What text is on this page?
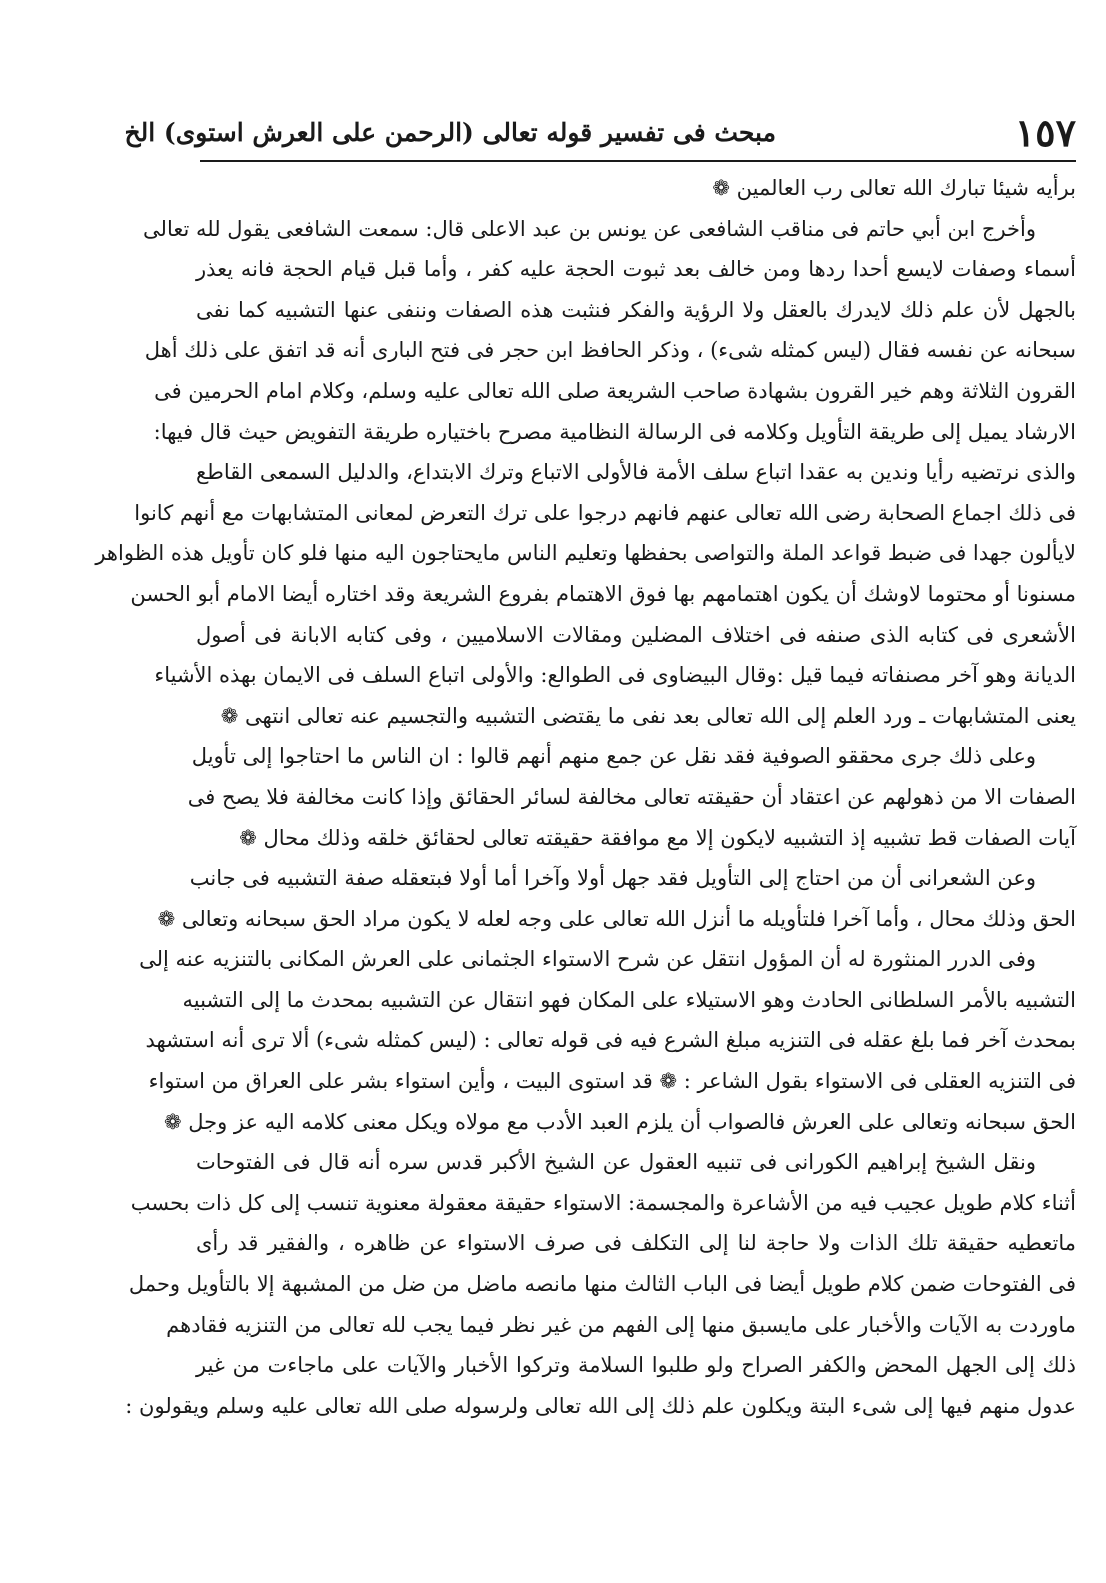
١٥٧
مبحث فى تفسير قوله تعالى (الرحمن على العرش استوى) الخ
برأيه شيئا تبارك الله تعالى رب العالمين ❁
وأخرج ابن أبي حاتم فى مناقب الشافعى عن يونس بن عبد الاعلى قال: سمعت الشافعى يقول لله تعالى
أسماء وصفات لايسع أحدا ردها ومن خالف بعد ثبوت الحجة عليه كفر ، وأما قبل قيام الحجة فانه يعذر
بالجهل لأن علم ذلك لايدرك بالعقل ولا الرؤية والفكر فنثبت هذه الصفات وننفى عنها التشبيه كما نفى
سبحانه عن نفسه فقال (ليس كمثله شىء) ، وذكر الحافظ ابن حجر فى فتح البارى أنه قد اتفق على ذلك أهل
القرون الثلاثة وهم خير القرون بشهادة صاحب الشريعة صلى الله تعالى عليه وسلم، وكلام امام الحرمين فى
الارشاد يميل إلى طريقة التأويل وكلامه فى الرسالة النظامية مصرح باختياره طريقة التفويض حيث قال فيها:
والذى نرتضيه رأيا وندين به عقدا اتباع سلف الأمة فالأولى الاتباع وترك الابتداع، والدليل السمعى القاطع
فى ذلك اجماع الصحابة رضى الله تعالى عنهم فانهم درجوا على ترك التعرض لمعانى المتشابهات مع أنهم كانوا
لايألون جهدا فى ضبط قواعد الملة والتواصى بحفظها وتعليم الناس مايحتاجون اليه منها فلو كان تأويل هذه الظواهر
مسنونا أو محتوما لاوشك أن يكون اهتمامهم بها فوق الاهتمام بفروع الشريعة وقد اختاره أيضا الامام أبو الحسن
الأشعرى فى كتابه الذى صنفه فى اختلاف المضلين ومقالات الاسلاميين ، وفى كتابه الابانة فى أصول
الديانة وهو آخر مصنفاته فيما قيل :وقال البيضاوى فى الطوالع: والأولى اتباع السلف فى الايمان بهذه الأشياء
يعنى المتشابهات ـ ورد العلم إلى الله تعالى بعد نفى ما يقتضى التشبيه والتجسيم عنه تعالى انتهى ❁
وعلى ذلك جرى محققو الصوفية فقد نقل عن جمع منهم أنهم قالوا : ان الناس ما احتاجوا إلى تأويل
الصفات الا من ذهولهم عن اعتقاد أن حقيقته تعالى مخالفة لسائر الحقائق وإذا كانت مخالفة فلا يصح فى
آيات الصفات قط تشبيه إذ التشبيه لايكون إلا مع موافقة حقيقته تعالى لحقائق خلقه وذلك محال ❁
وعن الشعرانى أن من احتاج إلى التأويل فقد جهل أولا وآخرا أما أولا فبتعقله صفة التشبيه فى جانب
الحق وذلك محال ، وأما آخرا فلتأويله ما أنزل الله تعالى على وجه لعله لا يكون مراد الحق سبحانه وتعالى ❁
وفى الدرر المنثورة له أن المؤول انتقل عن شرح الاستواء الجثمانى على العرش المكانى بالتنزيه عنه إلى
التشبيه بالأمر السلطانى الحادث وهو الاستيلاء على المكان فهو انتقال عن التشبيه بمحدث ما إلى التشبيه
بمحدث آخر فما بلغ عقله فى التنزيه مبلغ الشرع فيه فى قوله تعالى : (ليس كمثله شىء) ألا ترى أنه استشهد
فى التنزيه العقلى فى الاستواء بقول الشاعر : ❁ قد استوى البيت ، وأين استواء بشر على العراق من استواء
الحق سبحانه وتعالى على العرش فالصواب أن يلزم العبد الأدب مع مولاه ويكل معنى كلامه اليه عز وجل ❁
ونقل الشيخ إبراهيم الكورانى فى تنبيه العقول عن الشيخ الأكبر قدس سره أنه قال فى الفتوحات
أثناء كلام طويل عجيب فيه من الأشاعرة والمجسمة: الاستواء حقيقة معقولة معنوية تنسب إلى كل ذات بحسب
ماتعطيه حقيقة تلك الذات ولا حاجة لنا إلى التكلف فى صرف الاستواء عن ظاهره ، والفقير قد رأى
فى الفتوحات ضمن كلام طويل أيضا فى الباب الثالث منها مانصه ماضل من ضل من المشبهة إلا بالتأويل وحمل
ماوردت به الآيات والأخبار على مايسبق منها إلى الفهم من غير نظر فيما يجب لله تعالى من التنزيه فقادهم
ذلك إلى الجهل المحض والكفر الصراح ولو طلبوا السلامة وتركوا الأخبار والآيات على ماجاءت من غير
عدول منهم فيها إلى شىء البتة ويكلون علم ذلك إلى الله تعالى ولرسوله صلى الله تعالى عليه وسلم ويقولون :
